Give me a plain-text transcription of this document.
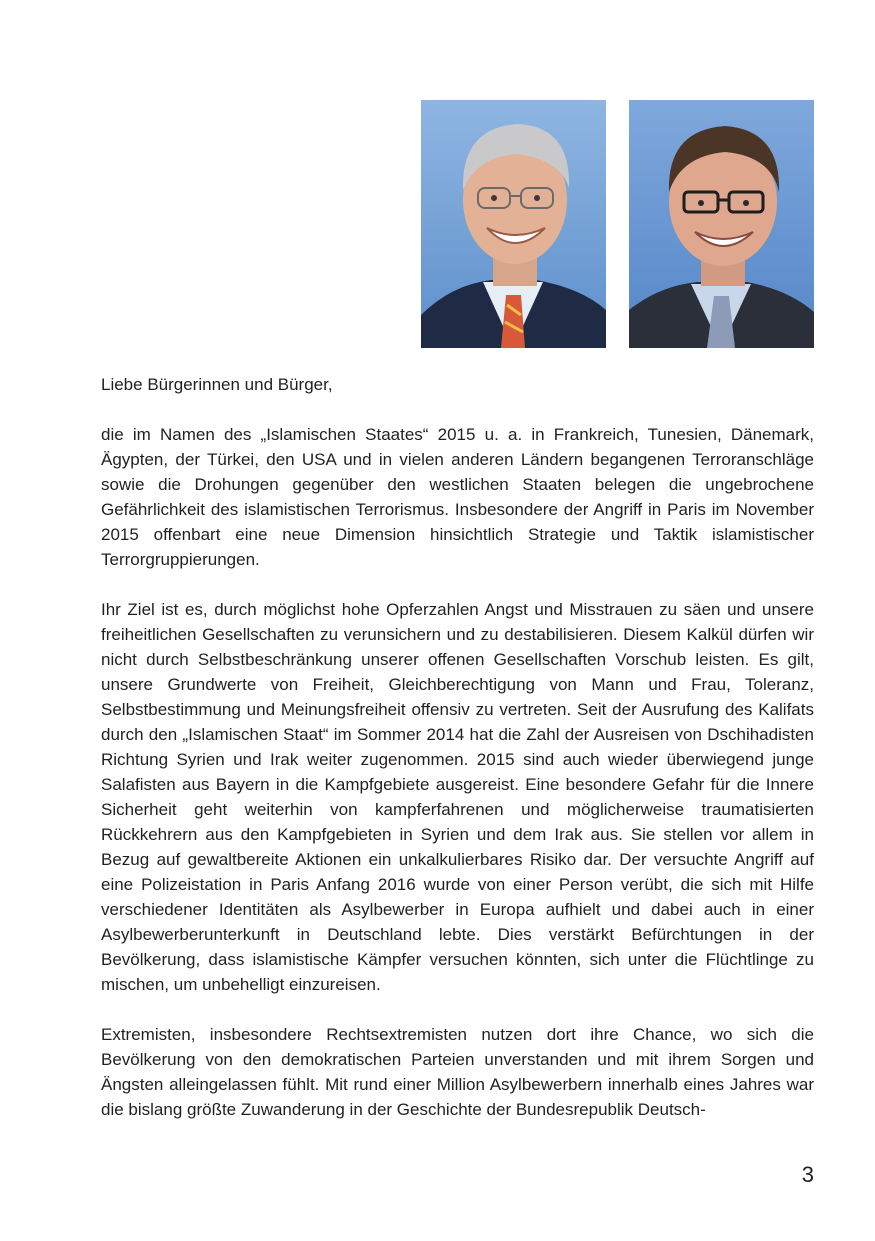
Liebe Bürgerinnen und Bürger,

die im Namen des „Islamischen Staates“ 2015 u. a. in Frankreich, Tunesien, Dänemark, Ägypten, der Türkei, den USA und in vielen anderen Ländern begangenen Terroranschläge sowie die Drohungen gegenüber den westlichen Staaten belegen die ungebrochene Gefährlichkeit des islamistischen Terrorismus. Insbesondere der Angriff in Paris im November 2015 offenbart eine neue Dimension hinsichtlich Strategie und Taktik islamistischer Terrorgruppierungen.

Ihr Ziel ist es, durch möglichst hohe Opferzahlen Angst und Misstrauen zu säen und unsere freiheitlichen Gesellschaften zu verunsichern und zu destabilisieren. Diesem Kalkül dürfen wir nicht durch Selbstbeschränkung unserer offenen Gesellschaften Vorschub leisten. Es gilt, unsere Grundwerte von Freiheit, Gleichberechtigung von Mann und Frau, Toleranz, Selbstbestimmung und Meinungsfreiheit offensiv zu vertreten. Seit der Ausrufung des Kalifats durch den „Islamischen Staat“ im Sommer 2014 hat die Zahl der Ausreisen von Dschihadisten Richtung Syrien und Irak weiter zugenommen. 2015 sind auch wieder überwiegend junge Salafisten aus Bayern in die Kampfgebiete ausgereist. Eine besondere Gefahr für die Innere Sicherheit geht weiterhin von kampferfahrenen und möglicherweise traumatisierten Rückkehrern aus den Kampfgebieten in Syrien und dem Irak aus. Sie stellen vor allem in Bezug auf gewaltbereite Aktionen ein unkalkulierbares Risiko dar. Der versuchte Angriff auf eine Polizeistation in Paris Anfang 2016 wurde von einer Person verübt, die sich mit Hilfe verschiedener Identitäten als Asylbewerber in Europa aufhielt und dabei auch in einer Asylbewerberunterkunft in Deutschland lebte. Dies verstärkt Befürchtungen in der Bevölkerung, dass islamistische Kämpfer versuchen könnten, sich unter die Flüchtlinge zu mischen, um unbehelligt einzureisen.

Extremisten, insbesondere Rechtsextremisten nutzen dort ihre Chance, wo sich die Bevölkerung von den demokratischen Parteien unverstanden und mit ihrem Sorgen und Ängsten alleingelassen fühlt. Mit rund einer Million Asylbewerbern innerhalb eines Jahres war die bislang größte Zuwanderung in der Geschichte der Bundesrepublik Deutsch-

3
